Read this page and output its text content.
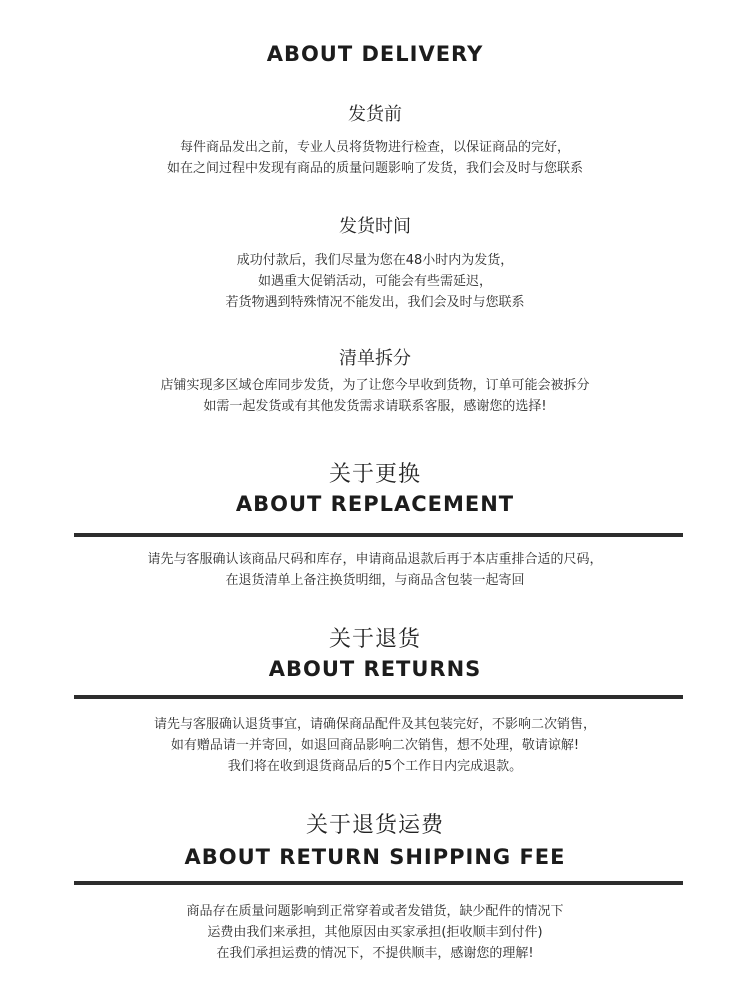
ABOUT DELIVERY
发货前
每件商品发出之前，专业人员将货物进行检查，以保证商品的完好，
如在之间过程中发现有商品的质量问题影响了发货，我们会及时与您联系
发货时间
成功付款后，我们尽量为您在48小时内为发货，
如遇重大促销活动，可能会有些需延迟，
若货物遇到特殊情况不能发出，我们会及时与您联系
清单拆分
店铺实现多区域仓库同步发货，为了让您今早收到货物，订单可能会被拆分
如需一起发货或有其他发货需求请联系客服，感谢您的选择!
关于更换
ABOUT REPLACEMENT
请先与客服确认该商品尺码和库存，申请商品退款后再于本店重排合适的尺码，
在退货清单上备注换货明细，与商品含包装一起寄回
关于退货
ABOUT RETURNS
请先与客服确认退货事宜，请确保商品配件及其包装完好，不影响二次销售，
如有赠品请一并寄回，如退回商品影响二次销售，想不处理，敬请谅解!
我们将在收到退货商品后的5个工作日内完成退款。
关于退货运费
ABOUT RETURN SHIPPING FEE
商品存在质量问题影响到正常穿着或者发错货，缺少配件的情况下
运费由我们来承担，其他原因由买家承担(拒收顺丰到付件)
在我们承担运费的情况下，不提供顺丰，感谢您的理解!
